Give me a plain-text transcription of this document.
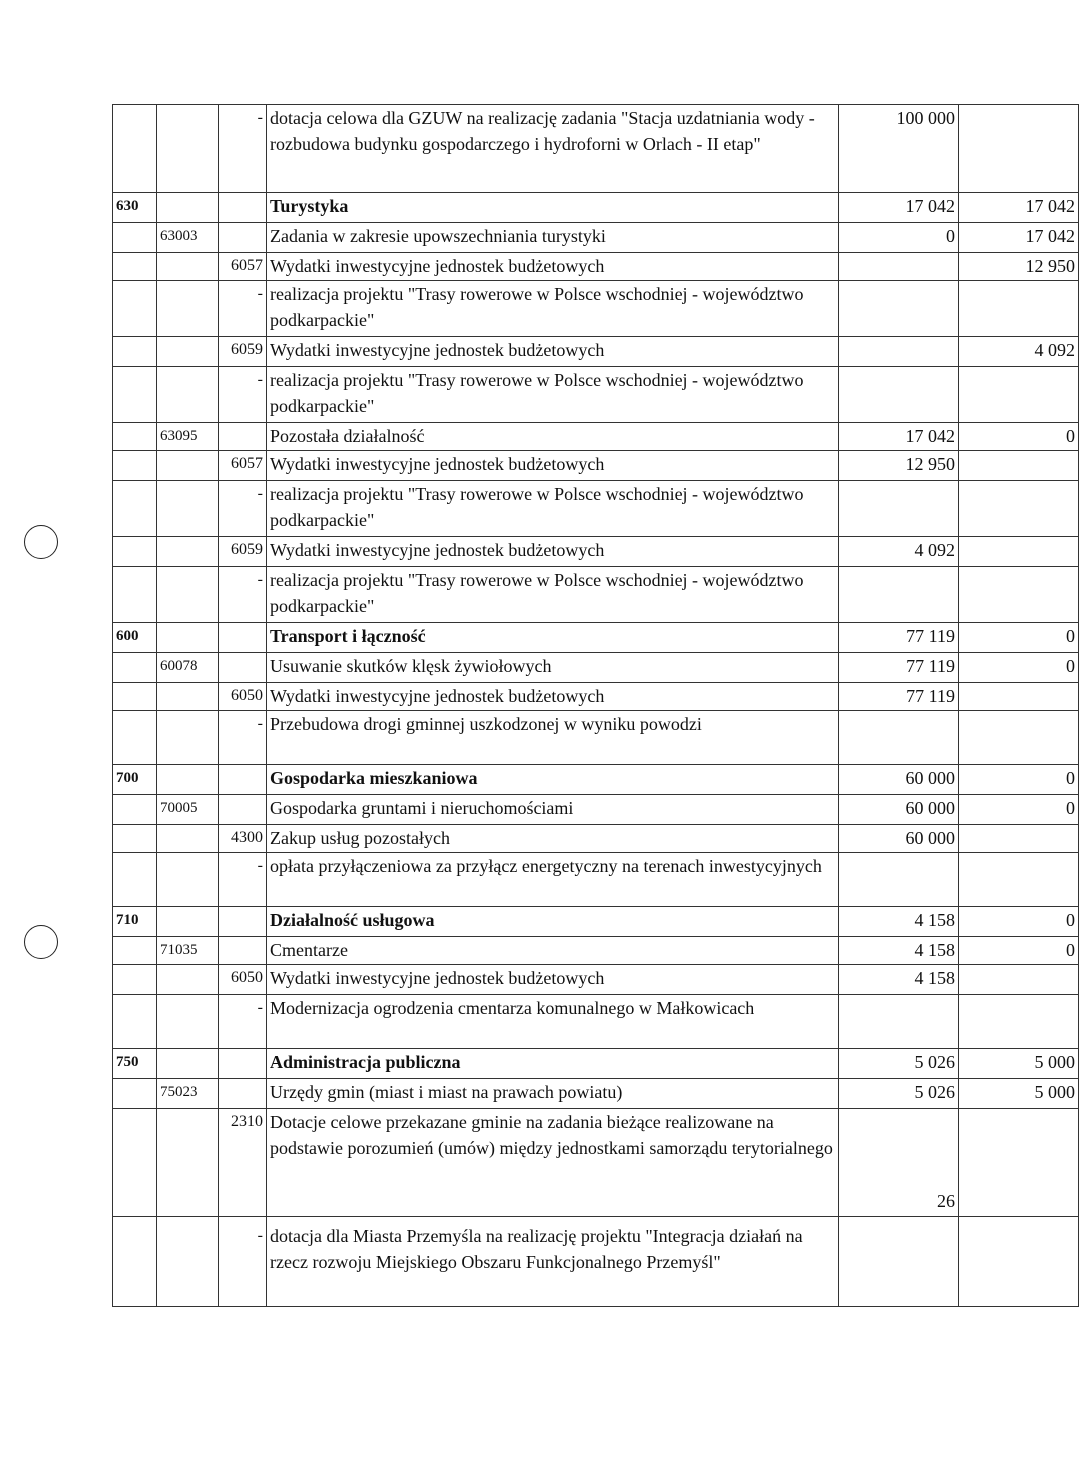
		-	dotacja celowa dla GZUW na realizację zadania "Stacja uzdatniania wody - rozbudowa budynku gospodarczego i hydroforni w Orlach - II etap"	100 000	
630			Turystyka	17 042	17 042
	63003		Zadania w zakresie upowszechniania turystyki	0	17 042
		6057	Wydatki inwestycyjne jednostek budżetowych		12 950
		-	realizacja projektu "Trasy rowerowe w Polsce wschodniej - województwo podkarpackie"		
		6059	Wydatki inwestycyjne jednostek budżetowych		4 092
		-	realizacja projektu "Trasy rowerowe w Polsce wschodniej - województwo podkarpackie"		
	63095		Pozostała działalność	17 042	0
		6057	Wydatki inwestycyjne jednostek budżetowych	12 950	
		-	realizacja projektu "Trasy rowerowe w Polsce wschodniej - województwo podkarpackie"		
		6059	Wydatki inwestycyjne jednostek budżetowych	4 092	
		-	realizacja projektu "Trasy rowerowe w Polsce wschodniej - województwo podkarpackie"		
600			Transport i łączność	77 119	0
	60078		Usuwanie skutków klęsk żywiołowych	77 119	0
		6050	Wydatki inwestycyjne jednostek budżetowych	77 119	
		-	Przebudowa drogi gminnej uszkodzonej w wyniku powodzi		
700			Gospodarka mieszkaniowa	60 000	0
	70005		Gospodarka gruntami i nieruchomościami	60 000	0
		4300	Zakup usług pozostałych	60 000	
		-	opłata przyłączeniowa za przyłącz energetyczny na terenach inwestycyjnych		
710			Działalność usługowa	4 158	0
	71035		Cmentarze	4 158	0
		6050	Wydatki inwestycyjne jednostek budżetowych	4 158	
		-	Modernizacja ogrodzenia cmentarza komunalnego w Małkowicach		
750			Administracja publiczna	5 026	5 000
	75023		Urzędy gmin (miast i miast na prawach powiatu)	5 026	5 000
		2310	Dotacje celowe przekazane gminie na zadania bieżące realizowane na podstawie porozumień (umów) między jednostkami samorządu terytorialnego	26	
		-	dotacja dla Miasta Przemyśla na realizację projektu "Integracja działań na rzecz rozwoju Miejskiego Obszaru Funkcjonalnego Przemyśl"		
